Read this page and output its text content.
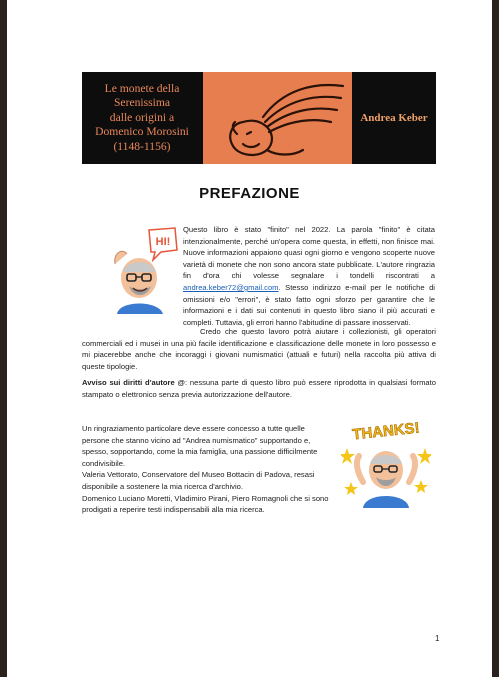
Le monete della
Serenissima
dalle origini a
Domenico Morosini
(1148-1156)
Andrea Keber
PREFAZIONE
HI!
Questo libro è stato "finito" nel 2022. La parola "finito" è citata intenzionalmente, perché un'opera come questa, in effetti, non finisce mai. Nuove informazioni appaiono quasi ogni giorno e vengono scoperte nuove varietà di monete che non sono ancora state pubblicate. L'autore ringrazia fin d'ora chi volesse segnalare i tondelli riscontrati a andrea.keber72@gmail.com. Stesso indirizzo e-mail per le notifiche di omissioni e/o "errori", è stato fatto ogni sforzo per garantire che le informazioni e i dati sui contenuti in questo libro siano il più accurati e completi. Tuttavia, gli errori hanno l'abitudine di passare inosservati.
Credo che questo lavoro potrà aiutare i collezionisti, gli operatori commerciali ed i musei in una più facile identificazione e classificazione delle monete in loro possesso e mi piacerebbe anche che incoraggi i giovani numismatici (attuali e futuri) nella raccolta più attiva di queste tipologie.
Avviso sui diritti d'autore @: nessuna parte di questo libro può essere riprodotta in qualsiasi formato stampato o elettronico senza previa autorizzazione dell'autore.
Un ringraziamento particolare deve essere concesso a tutte quelle persone che stanno vicino ad "Andrea numismatico" supportando e, spesso, sopportando, come la mia famiglia, una passione difficilmente condivisibile.
Valeria Vettorato, Conservatore del Museo Bottacin di Padova, resasi disponibile a sostenere la mia ricerca d'archivio.
Domenico Luciano Moretti, Vladimiro Pirani, Piero Romagnoli che si sono prodigati a reperire testi indispensabili alla mia ricerca.
THANKS!
1
